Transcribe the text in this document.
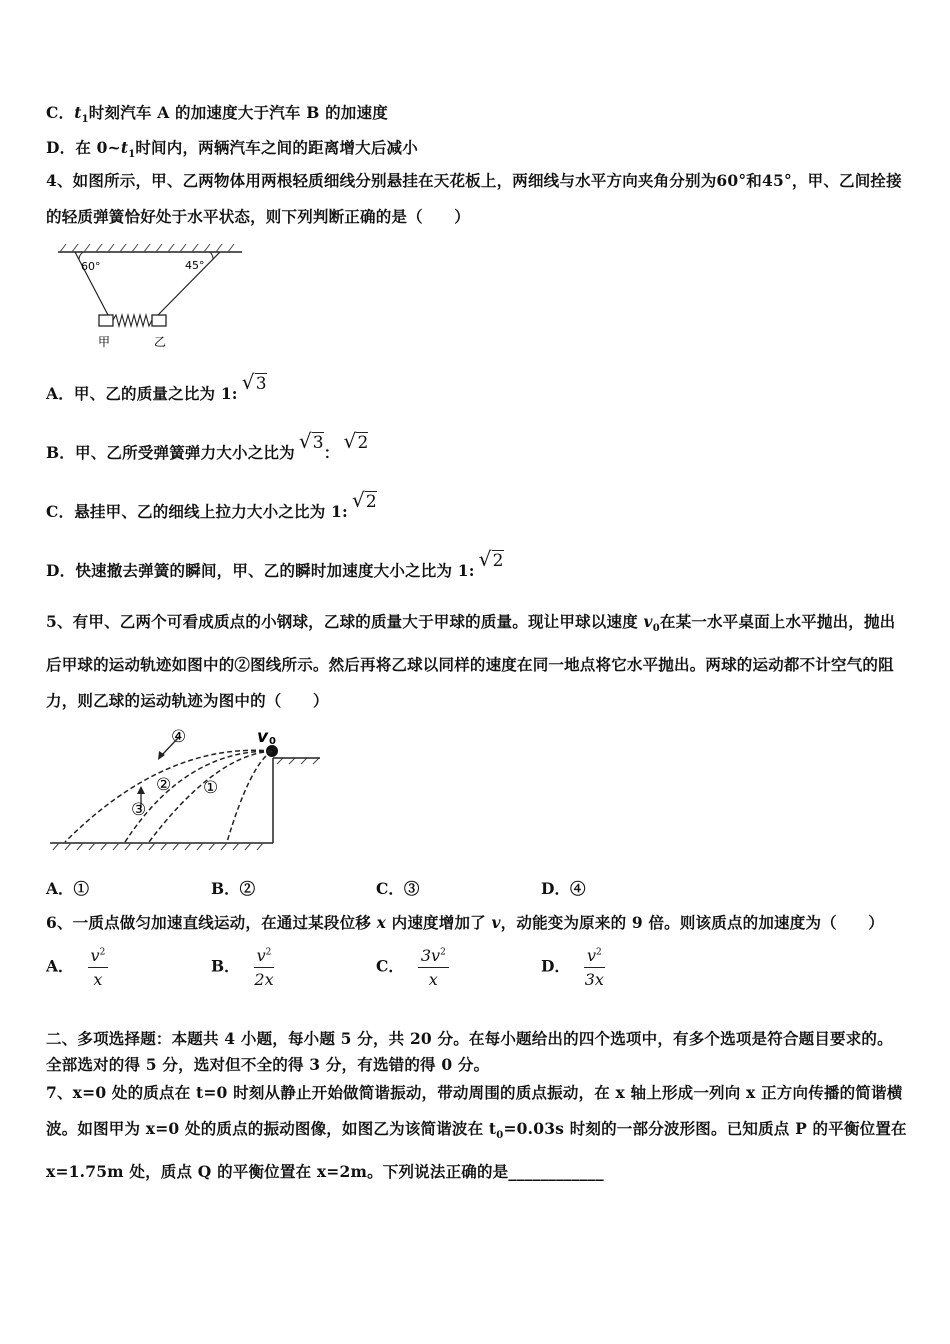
C．$t_1$时刻汽车 A 的加速度大于汽车 B 的加速度
D．在 $0\sim t_1$时间内，两辆汽车之间的距离增大后减小
4、如图所示，甲、乙两物体用两根轻质细线分别悬挂在天花板上，两细线与水平方向夹角分别为60°和45°，甲、乙间拴接的轻质弹簧恰好处于水平状态，则下列判断正确的是（　　）
60°	45°
甲	乙
A．甲、乙的质量之比为 1: √3
B．甲、乙所受弹簧弹力大小之比为 √3： √2
C．悬挂甲、乙的细线上拉力大小之比为 1: √2
D．快速撤去弹簧的瞬间，甲、乙的瞬时加速度大小之比为 1: √2
5、有甲、乙两个可看成质点的小钢球，乙球的质量大于甲球的质量。现让甲球以速度 $v_0$在某一水平桌面上水平抛出，抛出后甲球的运动轨迹如图中的②图线所示。然后再将乙球以同样的速度在同一地点将它水平抛出。两球的运动都不计空气的阻力，则乙球的运动轨迹为图中的（　　）
④
② ①
③
v 0
A．①	B．②	C．③	D．④
6、一质点做匀加速直线运动，在通过某段位移 x 内速度增加了 v，动能变为原来的 9 倍。则该质点的加速度为（　　）
A． $\frac{v^2}{x}$	B． $\frac{v^2}{2x}$	C． $\frac{3v^2}{x}$	D． $\frac{v^2}{3x}$
二、多项选择题：本题共 4 小题，每小题 5 分，共 20 分。在每小题给出的四个选项中，有多个选项是符合题目要求的。全部选对的得 5 分，选对但不全的得 3 分，有选错的得 0 分。
7、x=0 处的质点在 t=0 时刻从静止开始做简谐振动，带动周围的质点振动，在 x 轴上形成一列向 x 正方向传播的简谐横波。如图甲为 x=0 处的质点的振动图像，如图乙为该简谐波在 $t_0=0.03s$ 时刻的一部分波形图。已知质点 P 的平衡位置在 x=1.75m 处，质点 Q 的平衡位置在 x=2m。下列说法正确的是____________
